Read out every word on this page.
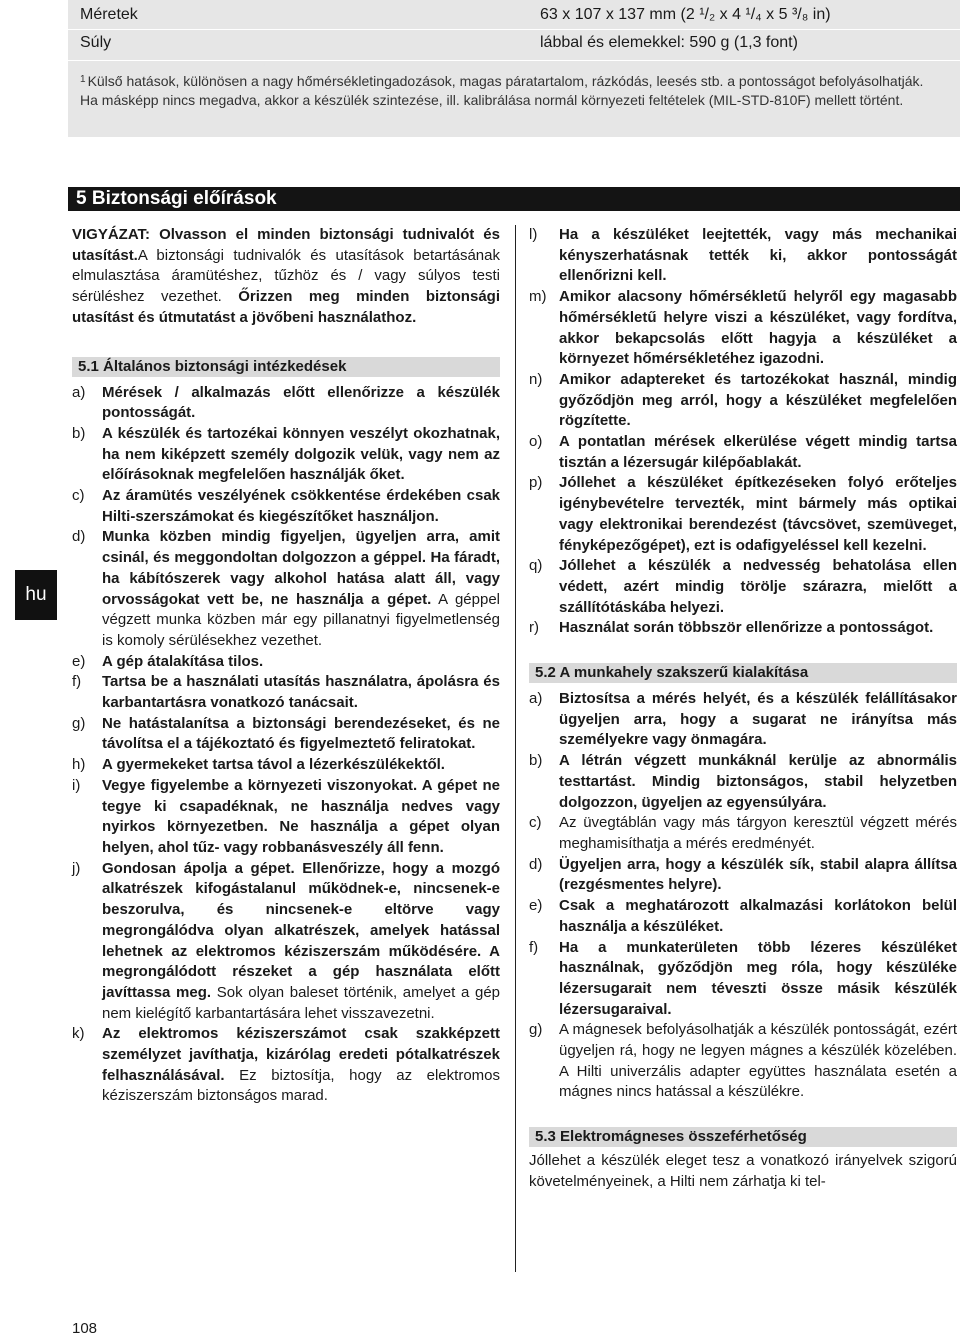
Méretek	63 x 107 x 137 mm (2 ¹/₂ x 4 ¹/₄ x 5 ³/₈ in)
Súly	lábbal és elemekkel: 590 g (1,3 font)
$^1$ Külső hatások, különösen a nagy hőmérsékletingadozások, magas páratartalom, rázkódás, leesés stb. a pontosságot befolyásolhatják. Ha másképp nincs megadva, akkor a készülék szintezése, ill. kalibrálása normál környezeti feltételek (MIL-STD-810F) mellett történt.
5 Biztonsági előírások

VIGYÁZAT: Olvasson el minden biztonsági tudnivalót és utasítást.A biztonsági tudnivalók és utasítások betartásának elmulasztása áramütéshez, tűzhöz és / vagy súlyos testi sérüléshez vezethet. Őrizzen meg minden biztonsági utasítást és útmutatást a jövőbeni használathoz.

5.1 Általános biztonsági intézkedések
a) Mérések / alkalmazás előtt ellenőrizze a készülék pontosságát.
b) A készülék és tartozékai könnyen veszélyt okozhatnak, ha nem kiképzett személy dolgozik velük, vagy nem az előírásoknak megfelelően használják őket.
c) Az áramütés veszélyének csökkentése érdekében csak Hilti-szerszámokat és kiegészítőket használjon.
d) Munka közben mindig figyeljen, ügyeljen arra, amit csinál, és meggondoltan dolgozzon a géppel. Ha fáradt, ha kábítószerek vagy alkohol hatása alatt áll, vagy orvosságokat vett be, ne használja a gépet. A géppel végzett munka közben már egy pillanatnyi figyelmetlenség is komoly sérülésekhez vezethet.
e) A gép átalakítása tilos.
f) Tartsa be a használati utasítás használatra, ápolásra és karbantartásra vonatkozó tanácsait.
g) Ne hatástalanítsa a biztonsági berendezéseket, és ne távolítsa el a tájékoztató és figyelmeztető feliratokat.
h) A gyermekeket tartsa távol a lézerkészülékektől.
i) Vegye figyelembe a környezeti viszonyokat. A gépet ne tegye ki csapadéknak, ne használja nedves vagy nyirkos környezetben. Ne használja a gépet olyan helyen, ahol tűz- vagy robbanásveszély áll fenn.
j) Gondosan ápolja a gépet. Ellenőrizze, hogy a mozgó alkatrészek kifogástalanul működnek-e, nincsenek-e beszorulva, és nincsenek-e eltörve vagy megrongálódva olyan alkatrészek, amelyek hatással lehetnek az elektromos kéziszerszám működésére. A megrongálódott részeket a gép használata előtt javíttassa meg. Sok olyan baleset történik, amelyet a gép nem kielégítő karbantartására lehet visszavezetni.
k) Az elektromos kéziszerszámot csak szakképzett személyzet javíthatja, kizárólag eredeti pótalkatrészek felhasználásával. Ez biztosítja, hogy az elektromos kéziszerszám biztonságos marad.
l) Ha a készüléket leejtették, vagy más mechanikai kényszerhatásnak tették ki, akkor pontosságát ellenőrizni kell.
m) Amikor alacsony hőmérsékletű helyről egy magasabb hőmérsékletű helyre viszi a készüléket, vagy fordítva, akkor bekapcsolás előtt hagyja a készüléket a környezet hőmérsékletéhez igazodni.
n) Amikor adaptereket és tartozékokat használ, mindig győződjön meg arról, hogy a készüléket megfelelően rögzítette.
o) A pontatlan mérések elkerülése végett mindig tartsa tisztán a lézersugár kilépőablakát.
p) Jóllehet a készüléket építkezéseken folyó erőteljes igénybevételre tervezték, mint bármely más optikai vagy elektronikai berendezést (távcsövet, szemüveget, fényképezőgépet), ezt is odafigyeléssel kell kezelni.
q) Jóllehet a készülék a nedvesség behatolása ellen védett, azért mindig törölje szárazra, mielőtt a szállítótáskába helyezi.
r) Használat során többször ellenőrizze a pontosságot.
5.2 A munkahely szakszerű kialakítása
a) Biztosítsa a mérés helyét, és a készülék felállításakor ügyeljen arra, hogy a sugarat ne irányítsa más személyekre vagy önmagára.
b) A létrán végzett munkáknál kerülje az abnormális testtartást. Mindig biztonságos, stabil helyzetben dolgozzon, ügyeljen az egyensúlyára.
c) Az üvegtáblán vagy más tárgyon keresztül végzett mérés meghamisíthatja a mérés eredményét.
d) Ügyeljen arra, hogy a készülék sík, stabil alapra állítsa (rezgésmentes helyre).
e) Csak a meghatározott alkalmazási korlátokon belül használja a készüléket.
f) Ha a munkaterületen több lézeres készüléket használnak, győződjön meg róla, hogy készüléke lézersugarait nem téveszti össze másik készülék lézersugaraival.
g) A mágnesek befolyásolhatják a készülék pontosságát, ezért ügyeljen rá, hogy ne legyen mágnes a készülék közelében. A Hilti univerzális adapter együttes használata esetén a mágnes nincs hatással a készülékre.
5.3 Elektromágneses összeférhetőség

Jóllehet a készülék eleget tesz a vonatkozó irányelvek szigorú követelményeinek, a Hilti nem zárhatja ki tel-

hu
108
